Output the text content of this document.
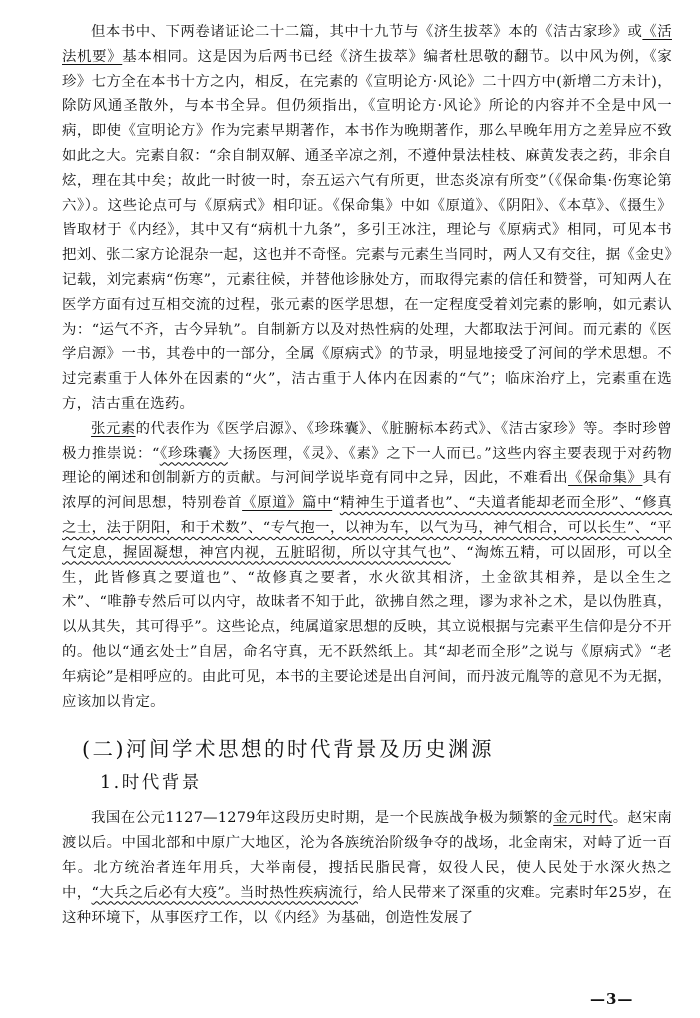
但本书中、下两卷诸证论二十二篇，其中十九节与《济生拔萃》本的《洁古家珍》或《活法机要》基本相同。这是因为后两书已经《济生拔萃》编者杜思敬的翻节。以中风为例，《家珍》七方全在本书十方之内，相反，在完素的《宣明论方·风论》二十四方中(新增二方未计)，除防风通圣散外，与本书全异。但仍须指出，《宣明论方·风论》所论的内容并不全是中风一病，即使《宣明论方》作为完素早期著作，本书作为晚期著作，那么早晚年用方之差异应不致如此之大。完素自叙：“余自制双解、通圣辛凉之剂，不遵仲景法桂枝、麻黄发表之药，非余自炫，理在其中矣；故此一时彼一时，奈五运六气有所更，世态炎凉有所变”（《保命集·伤寒论第六》）。这些论点可与《原病式》相印证。《保命集》中如《原道》、《阴阳》、《本草》、《摄生》皆取材于《内经》，其中又有“病机十九条”，多引王冰注，理论与《原病式》相同，可见本书把刘、张二家方论混杂一起，这也并不奇怪。完素与元素生当同时，两人又有交往，据《金史》记载，刘完素病“伤寒”，元素往候，并替他诊脉处方，而取得完素的信任和赞誉，可知两人在医学方面有过互相交流的过程，张元素的医学思想，在一定程度受着刘完素的影响，如元素认为：“运气不齐，古今异轨”。自制新方以及对热性病的处理，大都取法于河间。而元素的《医学启源》一书，其卷中的一部分，全属《原病式》的节录，明显地接受了河间的学术思想。不过完素重于人体外在因素的“火”，洁古重于人体内在因素的“气”；临床治疗上，完素重在选方，洁古重在选药。

张元素的代表作为《医学启源》、《珍珠囊》、《脏腑标本药式》、《洁古家珍》等。李时珍曾极力推崇说：“《珍珠囊》大扬医理，《灵》、《素》之下一人而已。”这些内容主要表现于对药物理论的阐述和创制新方的贡献。与河间学说毕竟有同中之异，因此，不难看出《保命集》具有浓厚的河间思想，特别卷首《原道》篇中“精神生于道者也”、“夫道者能却老而全形”、“修真之士，法于阴阳，和于术数”、“专气抱一，以神为车，以气为马，神气相合，可以长生”、“平气定息，握固凝想，神宫内视，五脏昭彻，所以守其气也”、“淘炼五精，可以固形，可以全生，此皆修真之要道也”、“故修真之要者，水火欲其相济，土金欲其相养，是以全生之术”、“唯静专然后可以内守，故昧者不知于此，欲拂自然之理，谬为求补之术，是以伪胜真，以从其失，其可得乎”。这些论点，纯属道家思想的反映，其立说根据与完素平生信仰是分不开的。他以“通玄处士”自居，命名守真，无不跃然纸上。其“却老而全形”之说与《原病式》“老年病论”是相呼应的。由此可见，本书的主要论述是出自河间，而丹波元胤等的意见不为无据，应该加以肯定。

(二)河间学术思想的时代背景及历史渊源
1.时代背景

我国在公元1127—1279年这段历史时期，是一个民族战争极为频繁的金元时代。赵宋南渡以后。中国北部和中原广大地区，沦为各族统治阶级争夺的战场，北金南宋，对峙了近一百年。北方统治者连年用兵，大举南侵，搜括民脂民膏，奴役人民，使人民处于水深火热之中，“大兵之后必有大疫”。当时热性疾病流行，给人民带来了深重的灾难。完素时年25岁，在这种环境下，从事医疗工作，以《内经》为基础，创造性发展了

—3—
